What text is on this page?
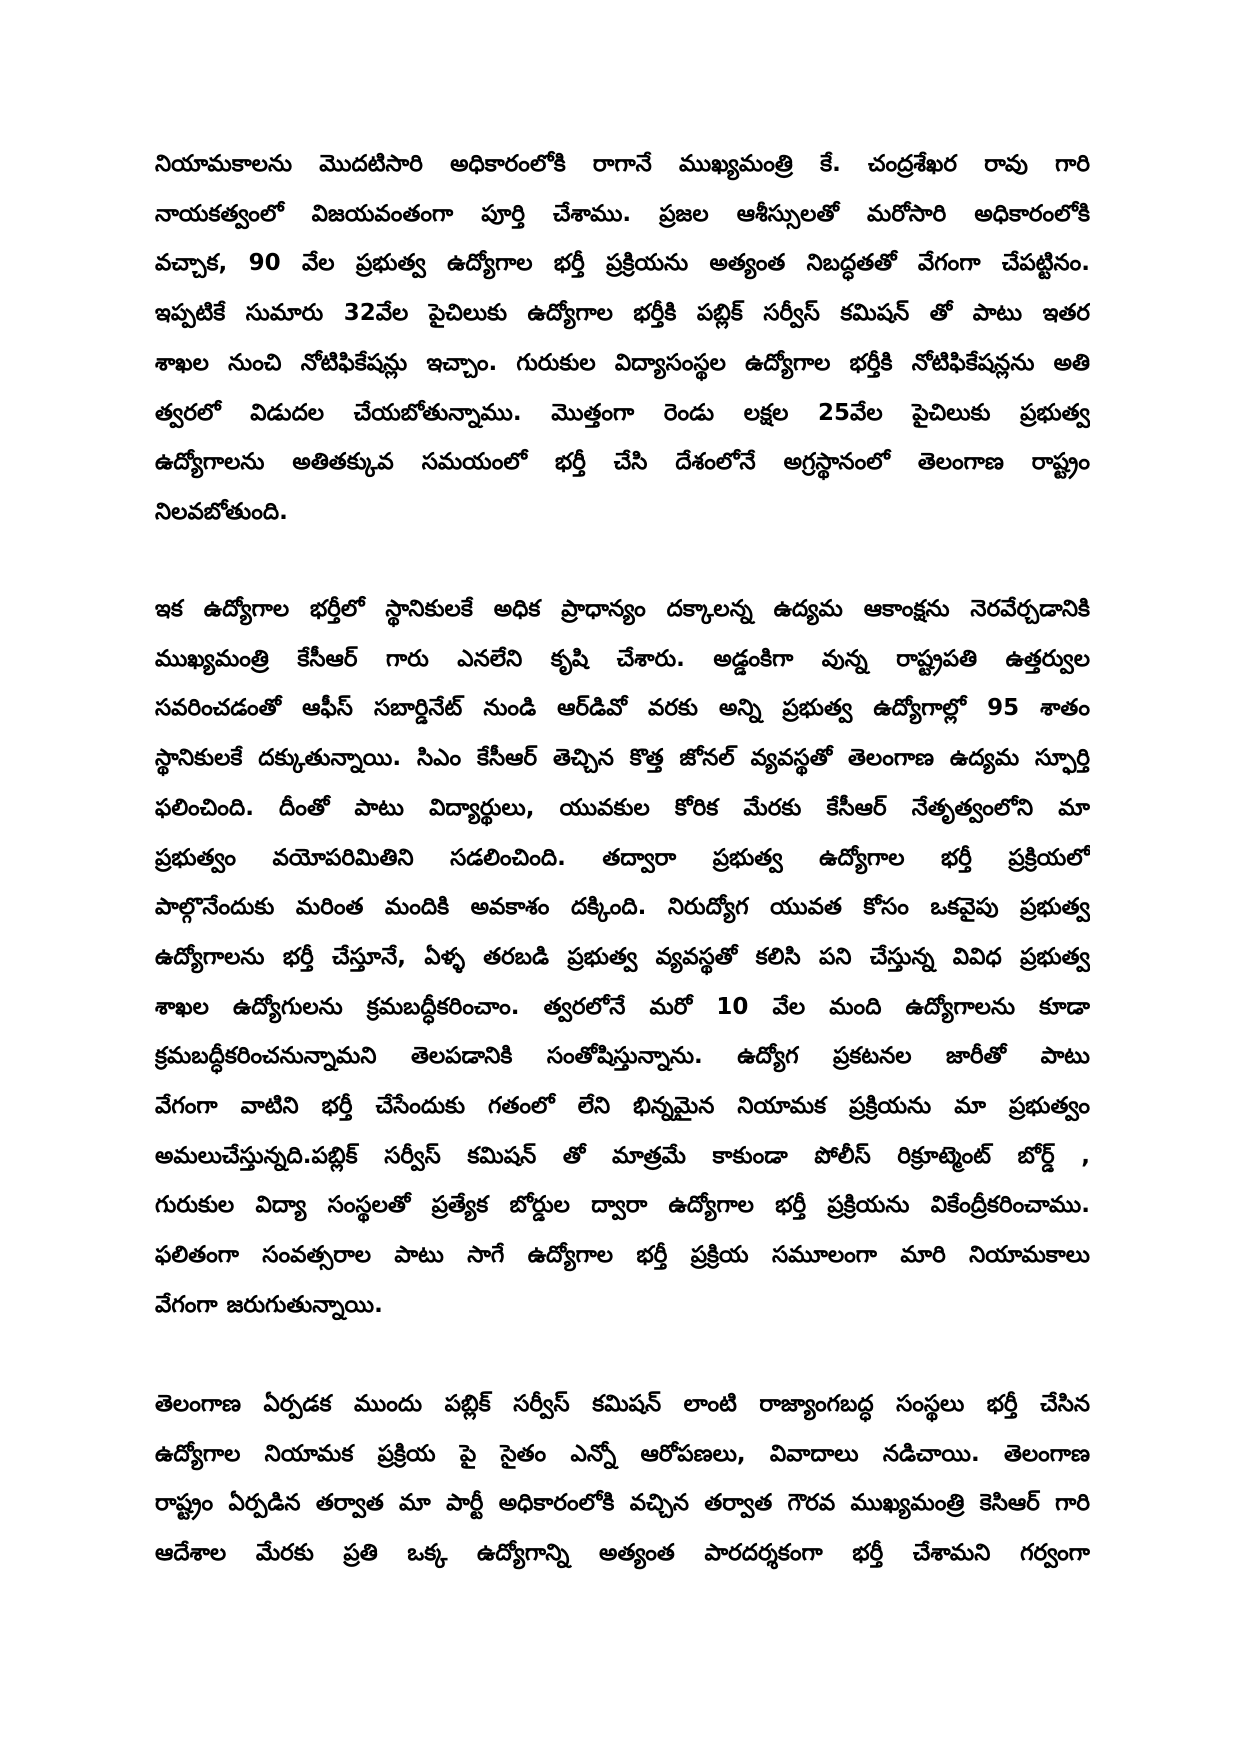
నియామకాలను మొదటిసారి అధికారంలోకి రాగానే ముఖ్యమంత్రి కే. చంద్రశేఖర రావు గారి
నాయకత్వంలో విజయవంతంగా పూర్తి చేశాము. ప్రజల ఆశీస్సులతో మరోసారి అధికారంలోకి
వచ్చాక, 90 వేల ప్రభుత్వ ఉద్యోగాల భర్తీ ప్రక్రియను అత్యంత నిబద్ధతతో వేగంగా చేపట్టినం.
ఇప్పటికే సుమారు 32వేల పైచిలుకు ఉద్యోగాల భర్తీకి పబ్లిక్ సర్వీస్ కమిషన్ తో పాటు ఇతర
శాఖల నుంచి నోటిఫికేషన్లు ఇచ్చాం. గురుకుల విద్యాసంస్థల ఉద్యోగాల భర్తీకి నోటిఫికేషన్లను అతి
త్వరలో విడుదల చేయబోతున్నాము. మొత్తంగా రెండు లక్షల 25వేల పైచిలుకు ప్రభుత్వ
ఉద్యోగాలను అతితక్కువ సమయంలో భర్తీ చేసి దేశంలోనే అగ్రస్థానంలో తెలంగాణ రాష్ట్రం
నిలవబోతుంది.
ఇక ఉద్యోగాల భర్తీలో స్థానికులకే అధిక ప్రాధాన్యం దక్కాలన్న ఉద్యమ ఆకాంక్షను నెరవేర్చడానికి
ముఖ్యమంత్రి కేసీఆర్ గారు ఎనలేని కృషి చేశారు. అడ్డంకిగా వున్న రాష్ట్రపతి ఉత్తర్వుల
సవరించడంతో ఆఫీస్ సబార్డినేట్ నుండి ఆర్‌డివో వరకు అన్ని ప్రభుత్వ ఉద్యోగాల్లో 95 శాతం
స్థానికులకే దక్కుతున్నాయి. సిఎం కేసీఆర్ తెచ్చిన కొత్త జోనల్ వ్యవస్థతో తెలంగాణ ఉద్యమ స్ఫూర్తి
ఫలించింది. దీంతో పాటు విద్యార్థులు, యువకుల కోరిక మేరకు కేసీఆర్ నేతృత్వంలోని మా
ప్రభుత్వం వయోపరిమితిని సడలించింది. తద్వారా ప్రభుత్వ ఉద్యోగాల భర్తీ ప్రక్రియలో
పాల్గొనేందుకు మరింత మందికి అవకాశం దక్కింది. నిరుద్యోగ యువత కోసం ఒకవైపు ప్రభుత్వ
ఉద్యోగాలను భర్తీ చేస్తూనే, ఏళ్ళ తరబడి ప్రభుత్వ వ్యవస్థతో కలిసి పని చేస్తున్న వివిధ ప్రభుత్వ
శాఖల ఉద్యోగులను క్రమబద్ధీకరించాం. త్వరలోనే మరో 10 వేల మంది ఉద్యోగాలను కూడా
క్రమబద్ధీకరించనున్నామని తెలపడానికి సంతోషిస్తున్నాను. ఉద్యోగ ప్రకటనల జారీతో పాటు
వేగంగా వాటిని భర్తీ చేసేందుకు గతంలో లేని భిన్నమైన నియామక ప్రక్రియను మా ప్రభుత్వం
అమలుచేస్తున్నది.పబ్లిక్ సర్వీస్ కమిషన్ తో మాత్రమే కాకుండా పోలీస్ రిక్రూట్మెంట్ బోర్డ్ ,
గురుకుల విద్యా సంస్థలతో ప్రత్యేక బోర్డుల ద్వారా ఉద్యోగాల భర్తీ ప్రక్రియను వికేంద్రీకరించాము.
ఫలితంగా సంవత్సరాల పాటు సాగే ఉద్యోగాల భర్తీ ప్రక్రియ సమూలంగా మారి నియామకాలు
వేగంగా జరుగుతున్నాయి.
తెలంగాణ ఏర్పడక ముందు పబ్లిక్ సర్వీస్ కమిషన్ లాంటి రాజ్యాంగబద్ధ సంస్థలు భర్తీ చేసిన
ఉద్యోగాల నియామక ప్రక్రియ పై సైతం ఎన్నో ఆరోపణలు, వివాదాలు నడిచాయి. తెలంగాణ
రాష్ట్రం ఏర్పడిన తర్వాత మా పార్టీ అధికారంలోకి వచ్చిన తర్వాత గౌరవ ముఖ్యమంత్రి కెసిఆర్ గారి
ఆదేశాల మేరకు ప్రతి ఒక్క ఉద్యోగాన్ని అత్యంత పారదర్శకంగా భర్తీ చేశామని గర్వంగా
